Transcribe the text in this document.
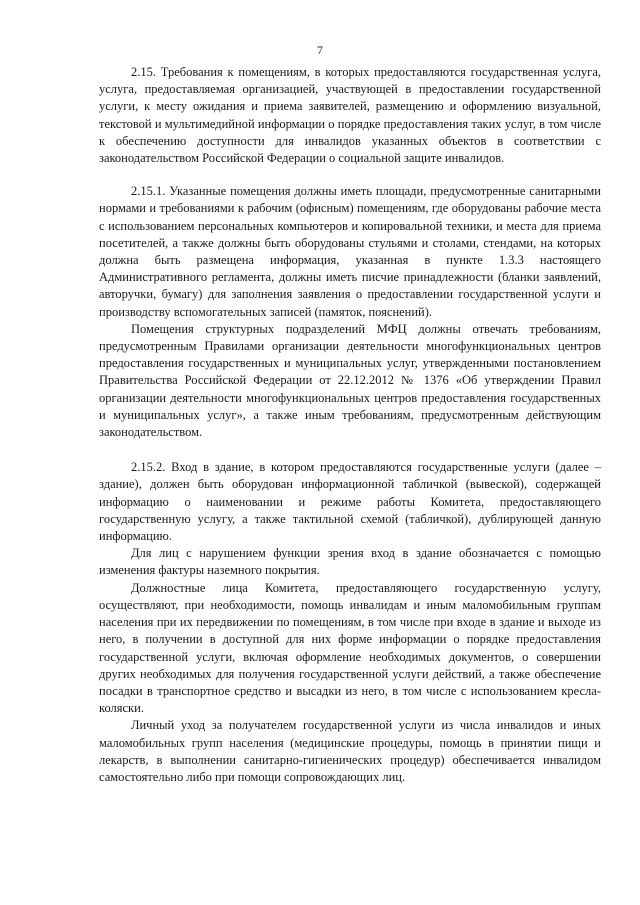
7

2.15. Требования к помещениям, в которых предоставляются государственная услуга, услуга, предоставляемая организацией, участвующей в предоставлении государственной услуги, к месту ожидания и приема заявителей, размещению и оформлению визуальной, текстовой и мультимедийной информации о порядке предоставления таких услуг, в том числе к обеспечению доступности для инвалидов указанных объектов в соответствии с законодательством Российской Федерации о социальной защите инвалидов.

2.15.1. Указанные помещения должны иметь площади, предусмотренные санитарными нормами и требованиями к рабочим (офисным) помещениям, где оборудованы рабочие места с использованием персональных компьютеров и копировальной техники, и места для приема посетителей, а также должны быть оборудованы стульями и столами, стендами, на которых должна быть размещена информация, указанная в пункте 1.3.3 настоящего Административного регламента, должны иметь писчие принадлежности (бланки заявлений, авторучки, бумагу) для заполнения заявления о предоставлении государственной услуги и производству вспомогательных записей (памяток, пояснений).

Помещения структурных подразделений МФЦ должны отвечать требованиям, предусмотренным Правилами организации деятельности многофункциональных центров предоставления государственных и муниципальных услуг, утвержденными постановлением Правительства Российской Федерации от 22.12.2012 № 1376 «Об утверждении Правил организации деятельности многофункциональных центров предоставления государственных и муниципальных услуг», а также иным требованиям, предусмотренным действующим законодательством.

2.15.2. Вход в здание, в котором предоставляются государственные услуги (далее – здание), должен быть оборудован информационной табличкой (вывеской), содержащей информацию о наименовании и режиме работы Комитета, предоставляющего государственную услугу, а также тактильной схемой (табличкой), дублирующей данную информацию.

Для лиц с нарушением функции зрения вход в здание обозначается с помощью изменения фактуры наземного покрытия.

Должностные лица Комитета, предоставляющего государственную услугу, осуществляют, при необходимости, помощь инвалидам и иным маломобильным группам населения при их передвижении по помещениям, в том числе при входе в здание и выходе из него, в получении в доступной для них форме информации о порядке предоставления государственной услуги, включая оформление необходимых документов, о совершении других необходимых для получения государственной услуги действий, а также обеспечение посадки в транспортное средство и высадки из него, в том числе с использованием кресла-коляски.

Личный уход за получателем государственной услуги из числа инвалидов и иных маломобильных групп населения (медицинские процедуры, помощь в принятии пищи и лекарств, в выполнении санитарно-гигиенических процедур) обеспечивается инвалидом самостоятельно либо при помощи сопровождающих лиц.
